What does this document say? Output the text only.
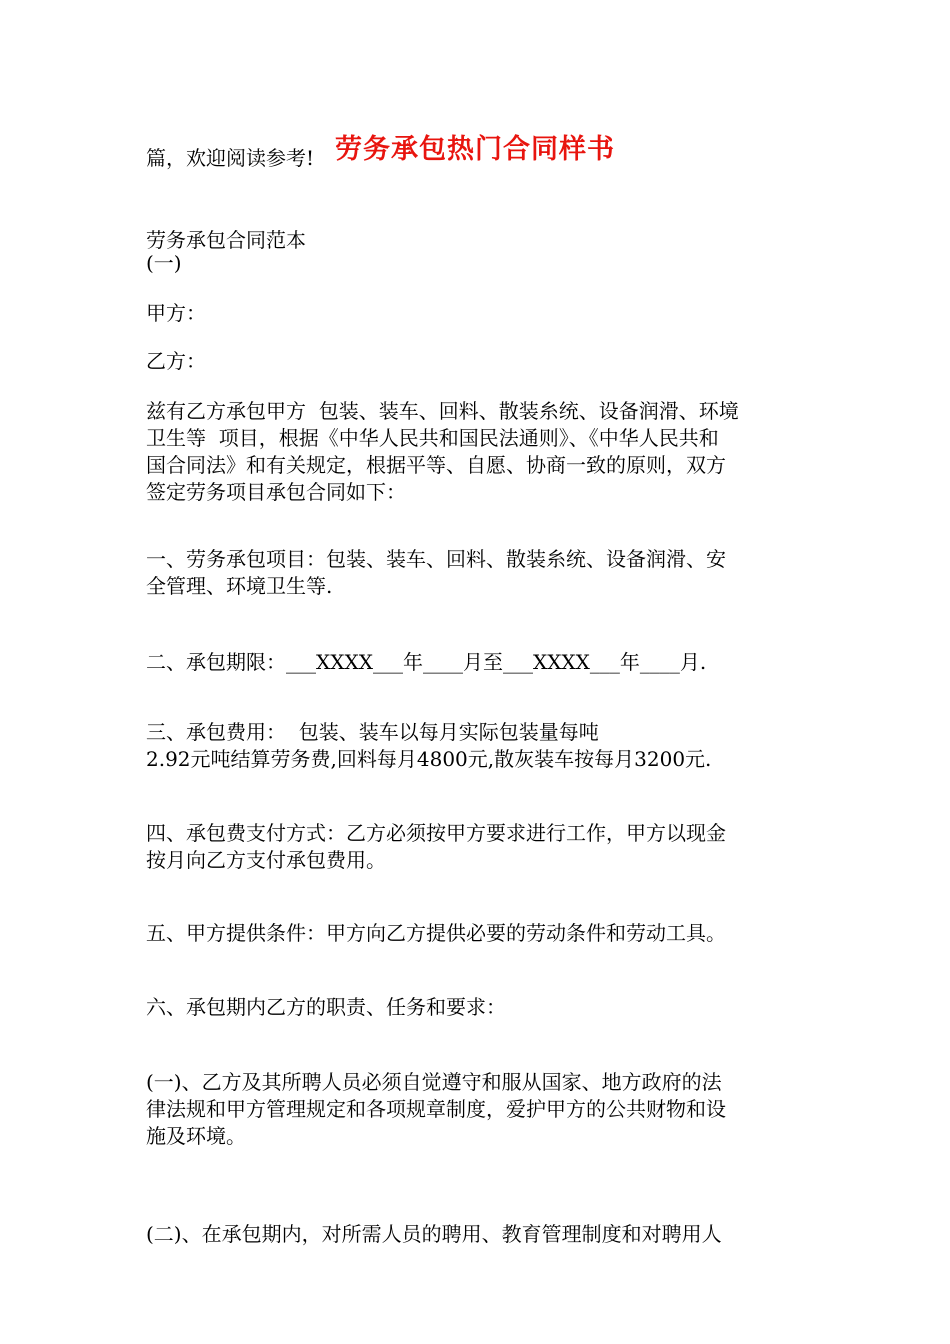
劳务承包热门合同样书
篇，欢迎阅读参考!
劳务承包合同范本
(一)
甲方：
乙方：

兹有乙方承包甲方  包装、装车、回料、散装糸统、设备润滑、环境

卫生等  项目，根据《中华人民共和国民法通则》、《中华人民共和

国合同法》和有关规定，根据平等、自愿、协商一致的原则，双方

签定劳务项目承包合同如下：

一、劳务承包项目：包装、装车、回料、散装糸统、设备润滑、安

全管理、环境卫生等.

二、承包期限：___XXXX___年____月至___XXXX___年____月.

三、承包费用：  包装、装车以每月实际包装量每吨

2.92元吨结算劳务费,回料每月4800元,散灰装车按每月3200元.

四、承包费支付方式：乙方必须按甲方要求进行工作，甲方以现金

按月向乙方支付承包费用。

五、甲方提供条件：甲方向乙方提供必要的劳动条件和劳动工具。
六、承包期内乙方的职责、任务和要求：

(一)、乙方及其所聘人员必须自觉遵守和服从国家、地方政府的法

律法规和甲方管理规定和各项规章制度，爱护甲方的公共财物和设

施及环境。

(二)、在承包期内，对所需人员的聘用、教育管理制度和对聘用人
